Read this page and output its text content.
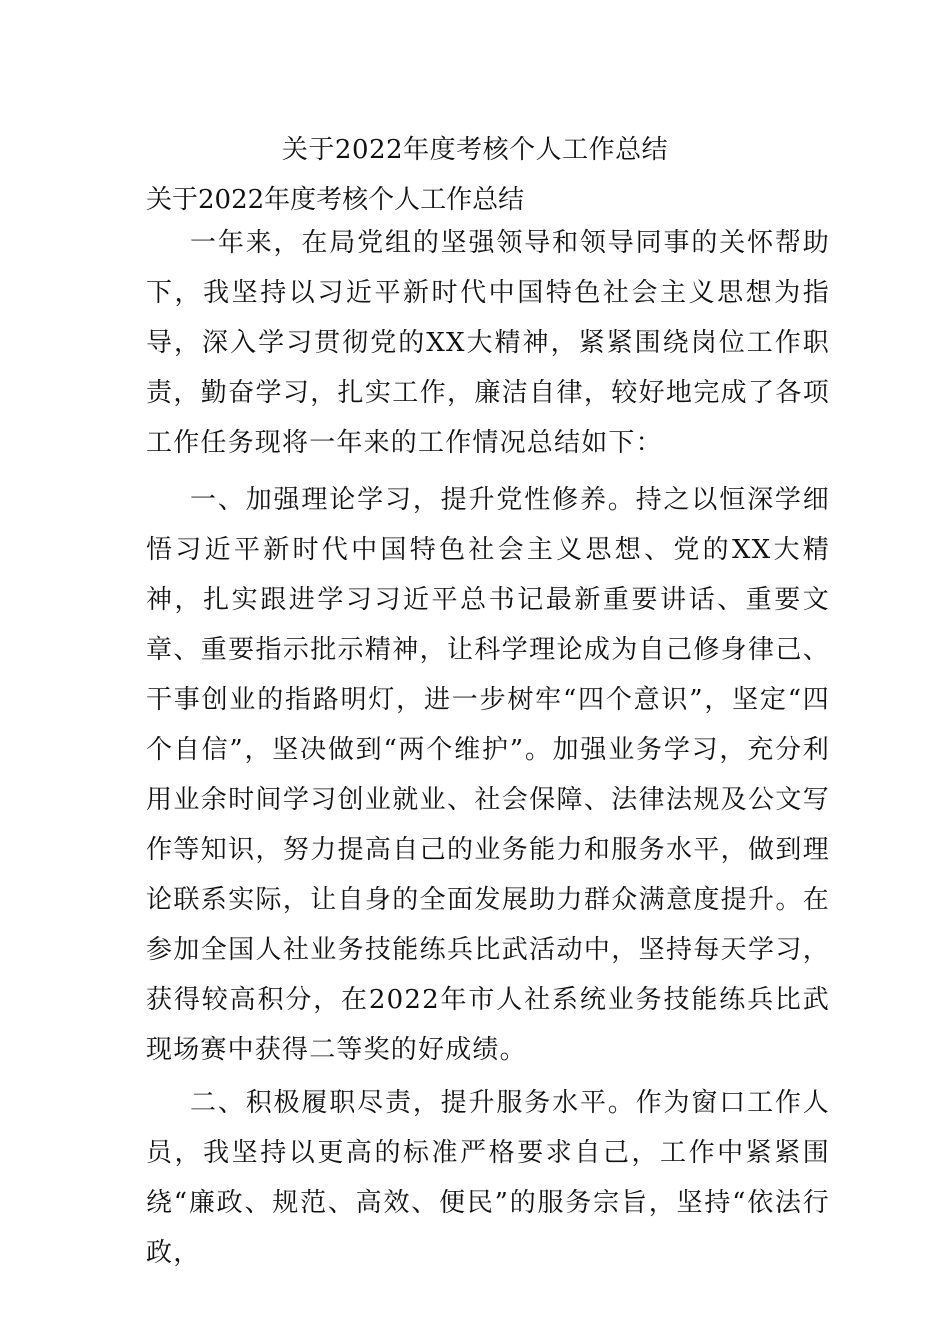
关于2022年度考核个人工作总结
关于2022年度考核个人工作总结
一年来，在局党组的坚强领导和领导同事的关怀帮助下，我坚持以习近平新时代中国特色社会主义思想为指导，深入学习贯彻党的XX大精神，紧紧围绕岗位工作职责，勤奋学习，扎实工作，廉洁自律，较好地完成了各项工作任务现将一年来的工作情况总结如下：
一、加强理论学习，提升党性修养。持之以恒深学细悟习近平新时代中国特色社会主义思想、党的XX大精神，扎实跟进学习习近平总书记最新重要讲话、重要文章、重要指示批示精神，让科学理论成为自己修身律己、干事创业的指路明灯，进一步树牢“四个意识”，坚定“四个自信”，坚决做到“两个维护”。加强业务学习，充分利用业余时间学习创业就业、社会保障、法律法规及公文写作等知识，努力提高自己的业务能力和服务水平，做到理论联系实际，让自身的全面发展助力群众满意度提升。在参加全国人社业务技能练兵比武活动中，坚持每天学习，获得较高积分，在2022年市人社系统业务技能练兵比武现场赛中获得二等奖的好成绩。
二、积极履职尽责，提升服务水平。作为窗口工作人员，我坚持以更高的标准严格要求自己，工作中紧紧围绕“廉政、规范、高效、便民”的服务宗旨，坚持“依法行政，
